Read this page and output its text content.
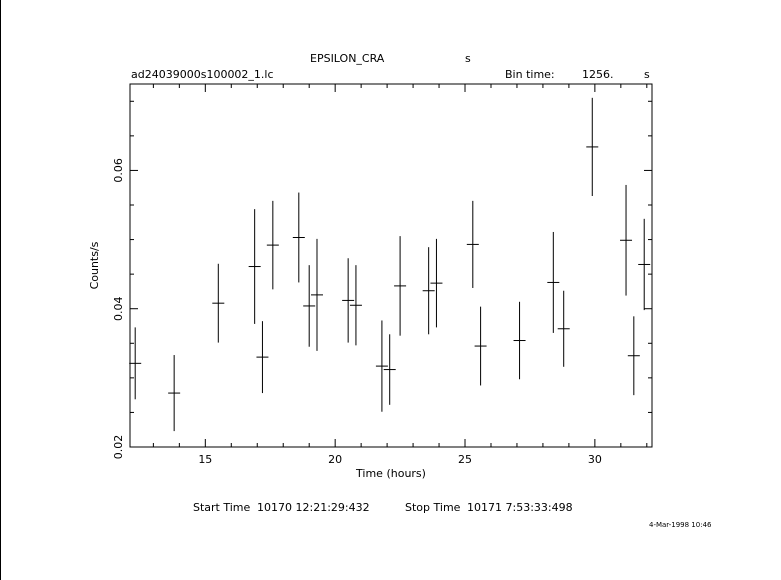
EPSILON_CRA	s
ad24039000s100002_1.lc	Bin time: 1256.	s
Start Time 10170 12:21:29:432	Stop Time 10171 7:53:33:498
4-Mar-1998 10:46
15	20	25	30
0.02
0.04
0.06
Time (hours)
Counts/s
